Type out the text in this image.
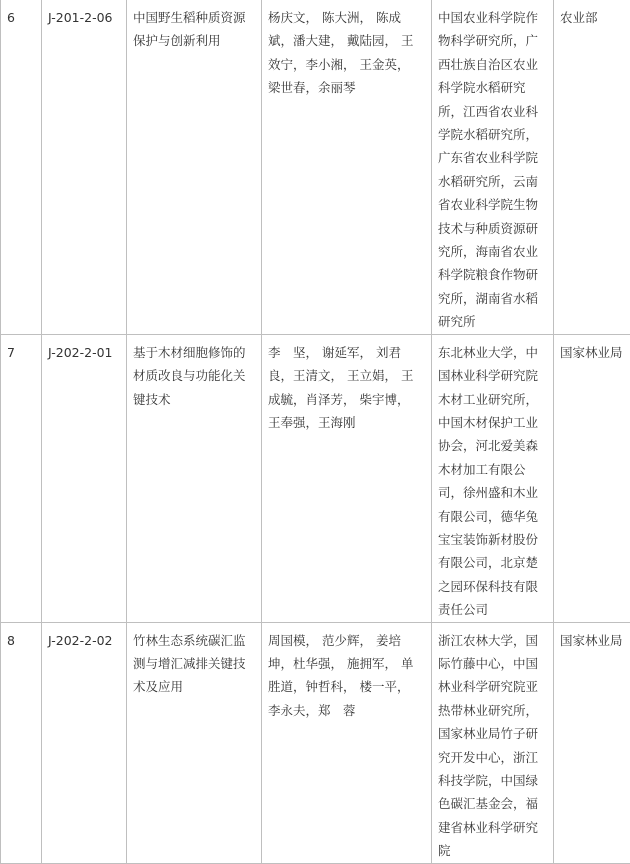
6	J-201-2-06	中国野生稻种质资源保护与创新利用	杨庆文， 陈大洲， 陈成斌，潘大建， 戴陆园， 王效宁，李小湘， 王金英， 梁世春，余丽琴	中国农业科学院作物科学研究所，广西壮族自治区农业科学院水稻研究所，江西省农业科学院水稻研究所，广东省农业科学院水稻研究所，云南省农业科学院生物技术与种质资源研究所，海南省农业科学院粮食作物研究所，湖南省水稻研究所	农业部
7	J-202-2-01	基于木材细胞修饰的材质改良与功能化关键技术	李　坚， 谢延军， 刘君良，王清文， 王立娟， 王成毓，肖泽芳， 柴宇博， 王奉强，王海刚	东北林业大学，中国林业科学研究院木材工业研究所，中国木材保护工业协会，河北爱美森木材加工有限公司，徐州盛和木业有限公司，德华兔宝宝装饰新材股份有限公司，北京楚之园环保科技有限责任公司	国家林业局
8	J-202-2-02	竹林生态系统碳汇监测与增汇减排关键技术及应用	周国模， 范少辉， 姜培坤，杜华强， 施拥军， 单胜道，钟哲科， 楼一平， 李永夫，郑　蓉	浙江农林大学，国际竹藤中心，中国林业科学研究院亚热带林业研究所，国家林业局竹子研究开发中心，浙江科技学院，中国绿色碳汇基金会，福建省林业科学研究院	国家林业局
